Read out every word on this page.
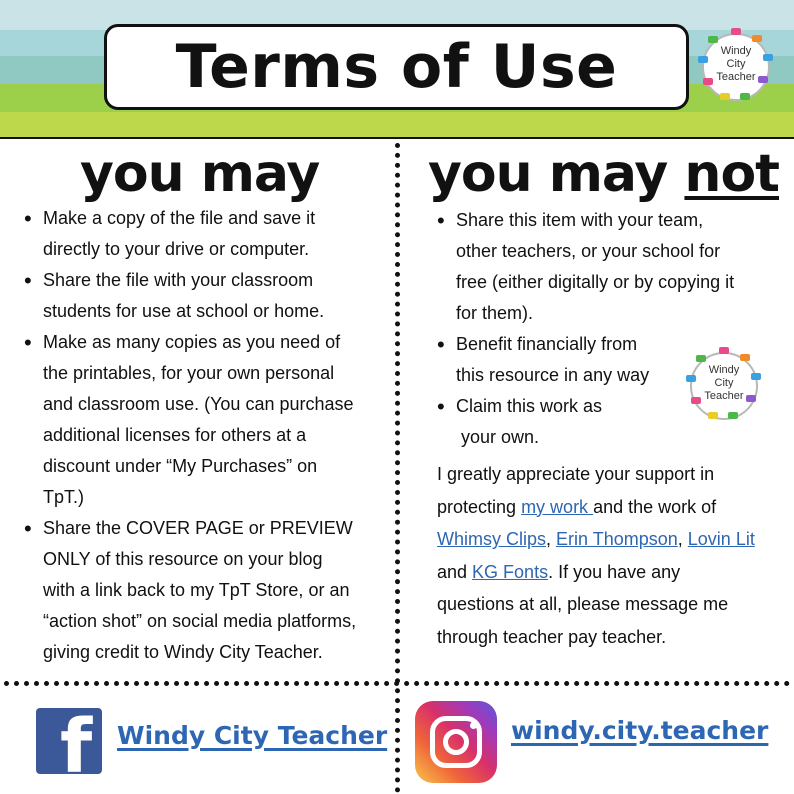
Terms of Use	Windy
City
Teacher
you may
• Make a copy of the file and save it
directly to your drive or computer.
• Share the file with your classroom
students for use at school or home.
• Make as many copies as you need of
the printables, for your own personal
and classroom use. (You can purchase
additional licenses for others at a
discount under “My Purchases” on
TpT.)
• Share the COVER PAGE or PREVIEW
ONLY of this resource on your blog
with a link back to my TpT Store, or an
“action shot” on social media platforms,
giving credit to Windy City Teacher.
you may not
• Share this item with your team,
other teachers, or your school for
free (either digitally or by copying it
for them).
• Benefit financially from
this resource in any way
• Claim this work as
your own.
Windy
City
Teacher
I greatly appreciate your support in
protecting my work and the work of
Whimsy Clips, Erin Thompson, Lovin Lit
and KG Fonts. If you have any
questions at all, please message me
through teacher pay teacher.
f Windy City Teacher	windy.city.teacher
